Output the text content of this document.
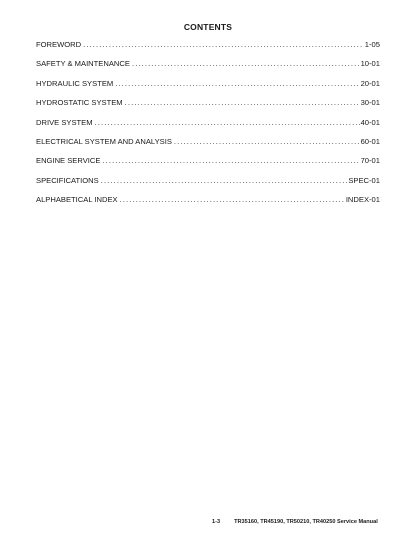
CONTENTS
FOREWORD . . .	1-05
SAFETY & MAINTENANCE . . .	10-01
HYDRAULIC SYSTEM . . .	20-01
HYDROSTATIC SYSTEM . . .	30-01
DRIVE SYSTEM . . .	40-01
ELECTRICAL SYSTEM AND ANALYSIS . . .	60-01
ENGINE SERVICE . . .	70-01
SPECIFICATIONS . . .	SPEC-01
ALPHABETICAL INDEX . . .	INDEX-01
1-3	TR35160, TR45190, TR50210, TR40250 Service Manual
